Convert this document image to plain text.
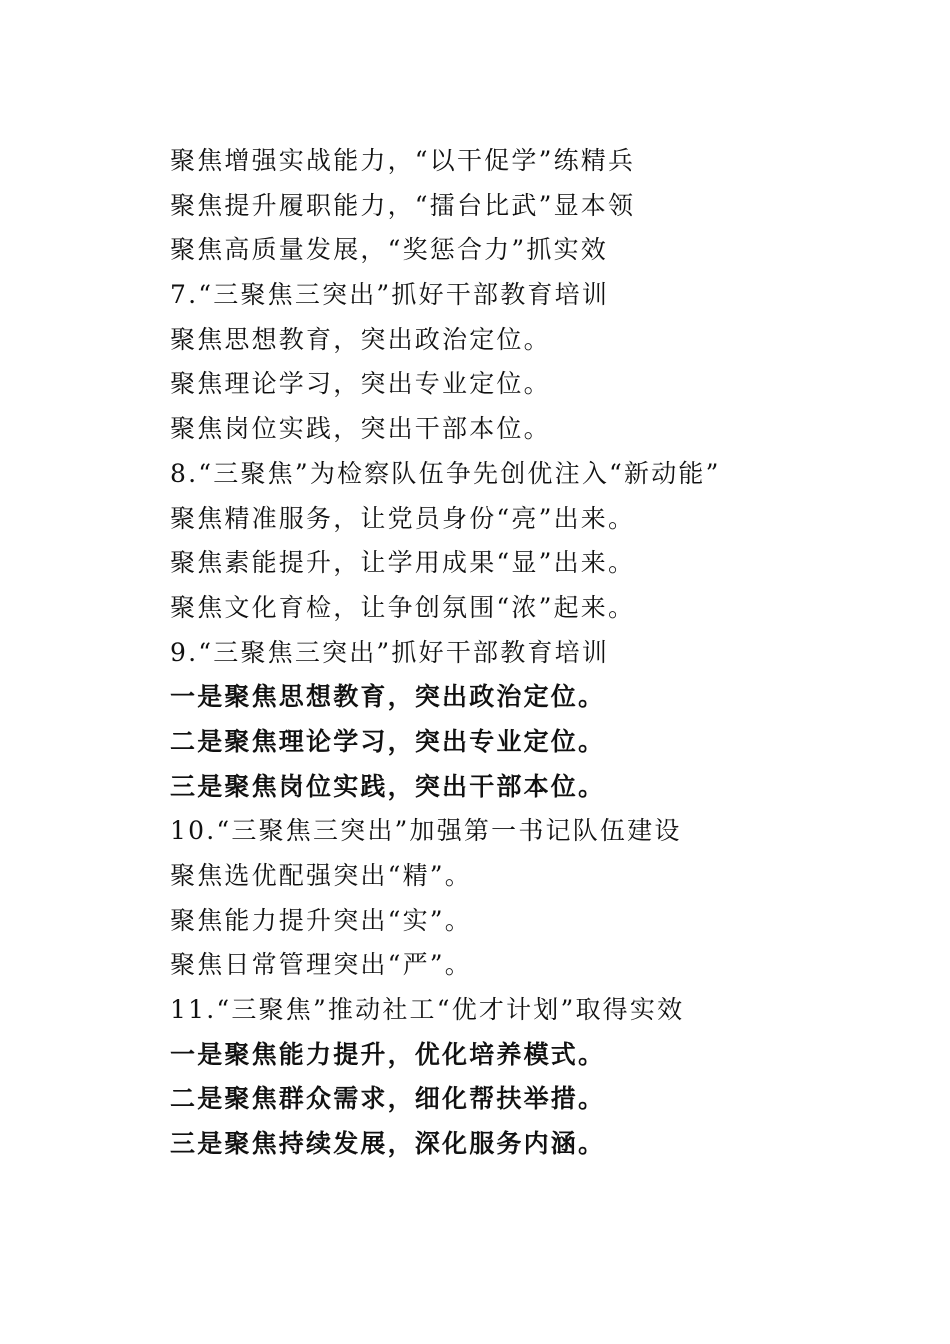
聚焦增强实战能力，“以干促学”练精兵
聚焦提升履职能力，“擂台比武”显本领
聚焦高质量发展，“奖惩合力”抓实效
7.“三聚焦三突出”抓好干部教育培训
聚焦思想教育，突出政治定位。
聚焦理论学习，突出专业定位。
聚焦岗位实践，突出干部本位。
8.“三聚焦”为检察队伍争先创优注入“新动能”
聚焦精准服务，让党员身份“亮”出来。
聚焦素能提升，让学用成果“显”出来。
聚焦文化育检，让争创氛围“浓”起来。
9.“三聚焦三突出”抓好干部教育培训
一是聚焦思想教育，突出政治定位。
二是聚焦理论学习，突出专业定位。
三是聚焦岗位实践，突出干部本位。
10.“三聚焦三突出”加强第一书记队伍建设
聚焦选优配强突出“精”。
聚焦能力提升突出“实”。
聚焦日常管理突出“严”。
11.“三聚焦”推动社工“优才计划”取得实效
一是聚焦能力提升，优化培养模式。
二是聚焦群众需求，细化帮扶举措。
三是聚焦持续发展，深化服务内涵。
